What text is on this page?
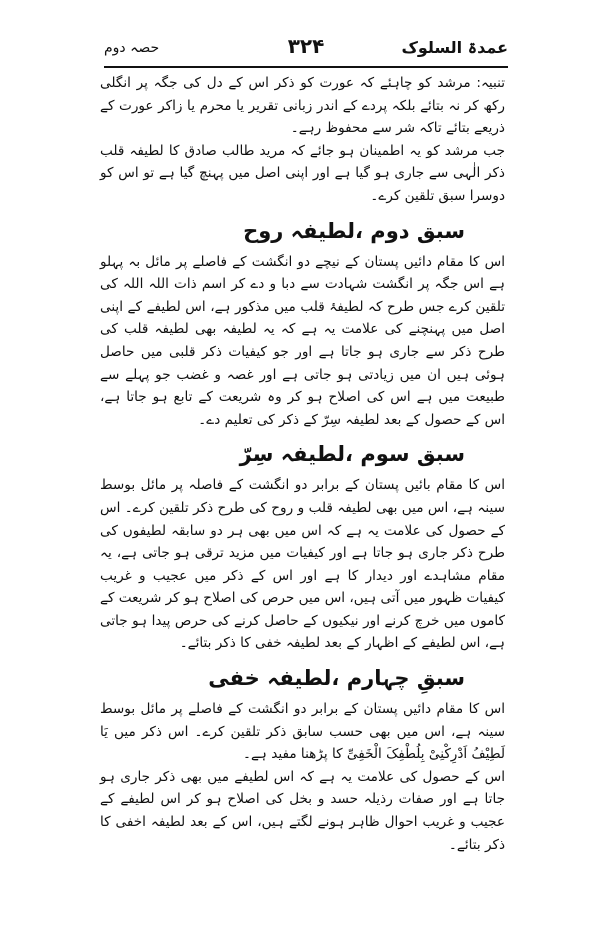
عمدۃ السلوک
۳۲۴
حصہ دوم

تنبیہ: مرشد کو چاہئے کہ عورت کو ذکر اس کے دل کی جگہ پر انگلی رکھ کر نہ بتائے بلکہ پردے کے اندر زبانی تقریر یا محرم یا زاکر عورت کے ذریعے بتائے تاکہ شر سے محفوظ رہے۔

جب مرشد کو یہ اطمینان ہو جائے کہ مرید طالب صادق کا لطیفہ قلب ذکر الٰہی سے جاری ہو گیا ہے اور اپنی اصل میں پہنچ گیا ہے تو اس کو دوسرا سبق تلقین کرے۔

سبق دوم ،لطیفہ روح

اس کا مقام دائیں پستان کے نیچے دو انگشت کے فاصلے پر مائل بہ پہلو ہے اس جگہ پر انگشت شہادت سے دبا و دے کر اسم ذات اللہ اللہ کی تلقین کرے جس طرح کہ لطیفۂ قلب میں مذکور ہے، اس لطیفے کے اپنی اصل میں پہنچنے کی علامت یہ ہے کہ یہ لطیفہ بھی لطیفہ قلب کی طرح ذکر سے جاری ہو جاتا ہے اور جو کیفیات ذکر قلبی میں حاصل ہوئی ہیں ان میں زیادتی ہو جاتی ہے اور غصہ و غضب جو پہلے سے طبیعت میں ہے اس کی اصلاح ہو کر وہ شریعت کے تابع ہو جاتا ہے، اس کے حصول کے بعد لطیفہ سِرّ کے ذکر کی تعلیم دے۔

سبق سوم ،لطیفہ سِرّ

اس کا مقام بائیں پستان کے برابر دو انگشت کے فاصلہ پر مائل بوسط سینہ ہے، اس میں بھی لطیفہ قلب و روح کی طرح ذکر تلقین کرے۔ اس کے حصول کی علامت یہ ہے کہ اس میں بھی ہر دو سابقہ لطیفوں کی طرح ذکر جاری ہو جاتا ہے اور کیفیات میں مزید ترقی ہو جاتی ہے، یہ مقام مشاہدے اور دیدار کا ہے اور اس کے ذکر میں عجیب و غریب کیفیات ظہور میں آتی ہیں، اس میں حرص کی اصلاح ہو کر شریعت کے کاموں میں خرچ کرنے اور نیکیوں کے حاصل کرنے کی حرص پیدا ہو جاتی ہے، اس لطیفے کے اظہار کے بعد لطیفہ خفی کا ذکر بتائے۔

سبقِ چہارم ،لطیفہ خفی

اس کا مقام دائیں پستان کے برابر دو انگشت کے فاصلے پر مائل بوسط سینہ ہے، اس میں بھی حسب سابق ذکر تلقین کرے۔ اس ذکر میں یَا لَطِیْفُ اَدْرِکْنِیْ بِلُطْفِکَ الْخَفِیِّ کا پڑھنا مفید ہے۔

اس کے حصول کی علامت یہ ہے کہ اس لطیفے میں بھی ذکر جاری ہو جاتا ہے اور صفات رذیلہ حسد و بخل کی اصلاح ہو کر اس لطیفے کے عجیب و غریب احوال ظاہر ہونے لگتے ہیں، اس کے بعد لطیفہ اخفی کا ذکر بتائے۔
